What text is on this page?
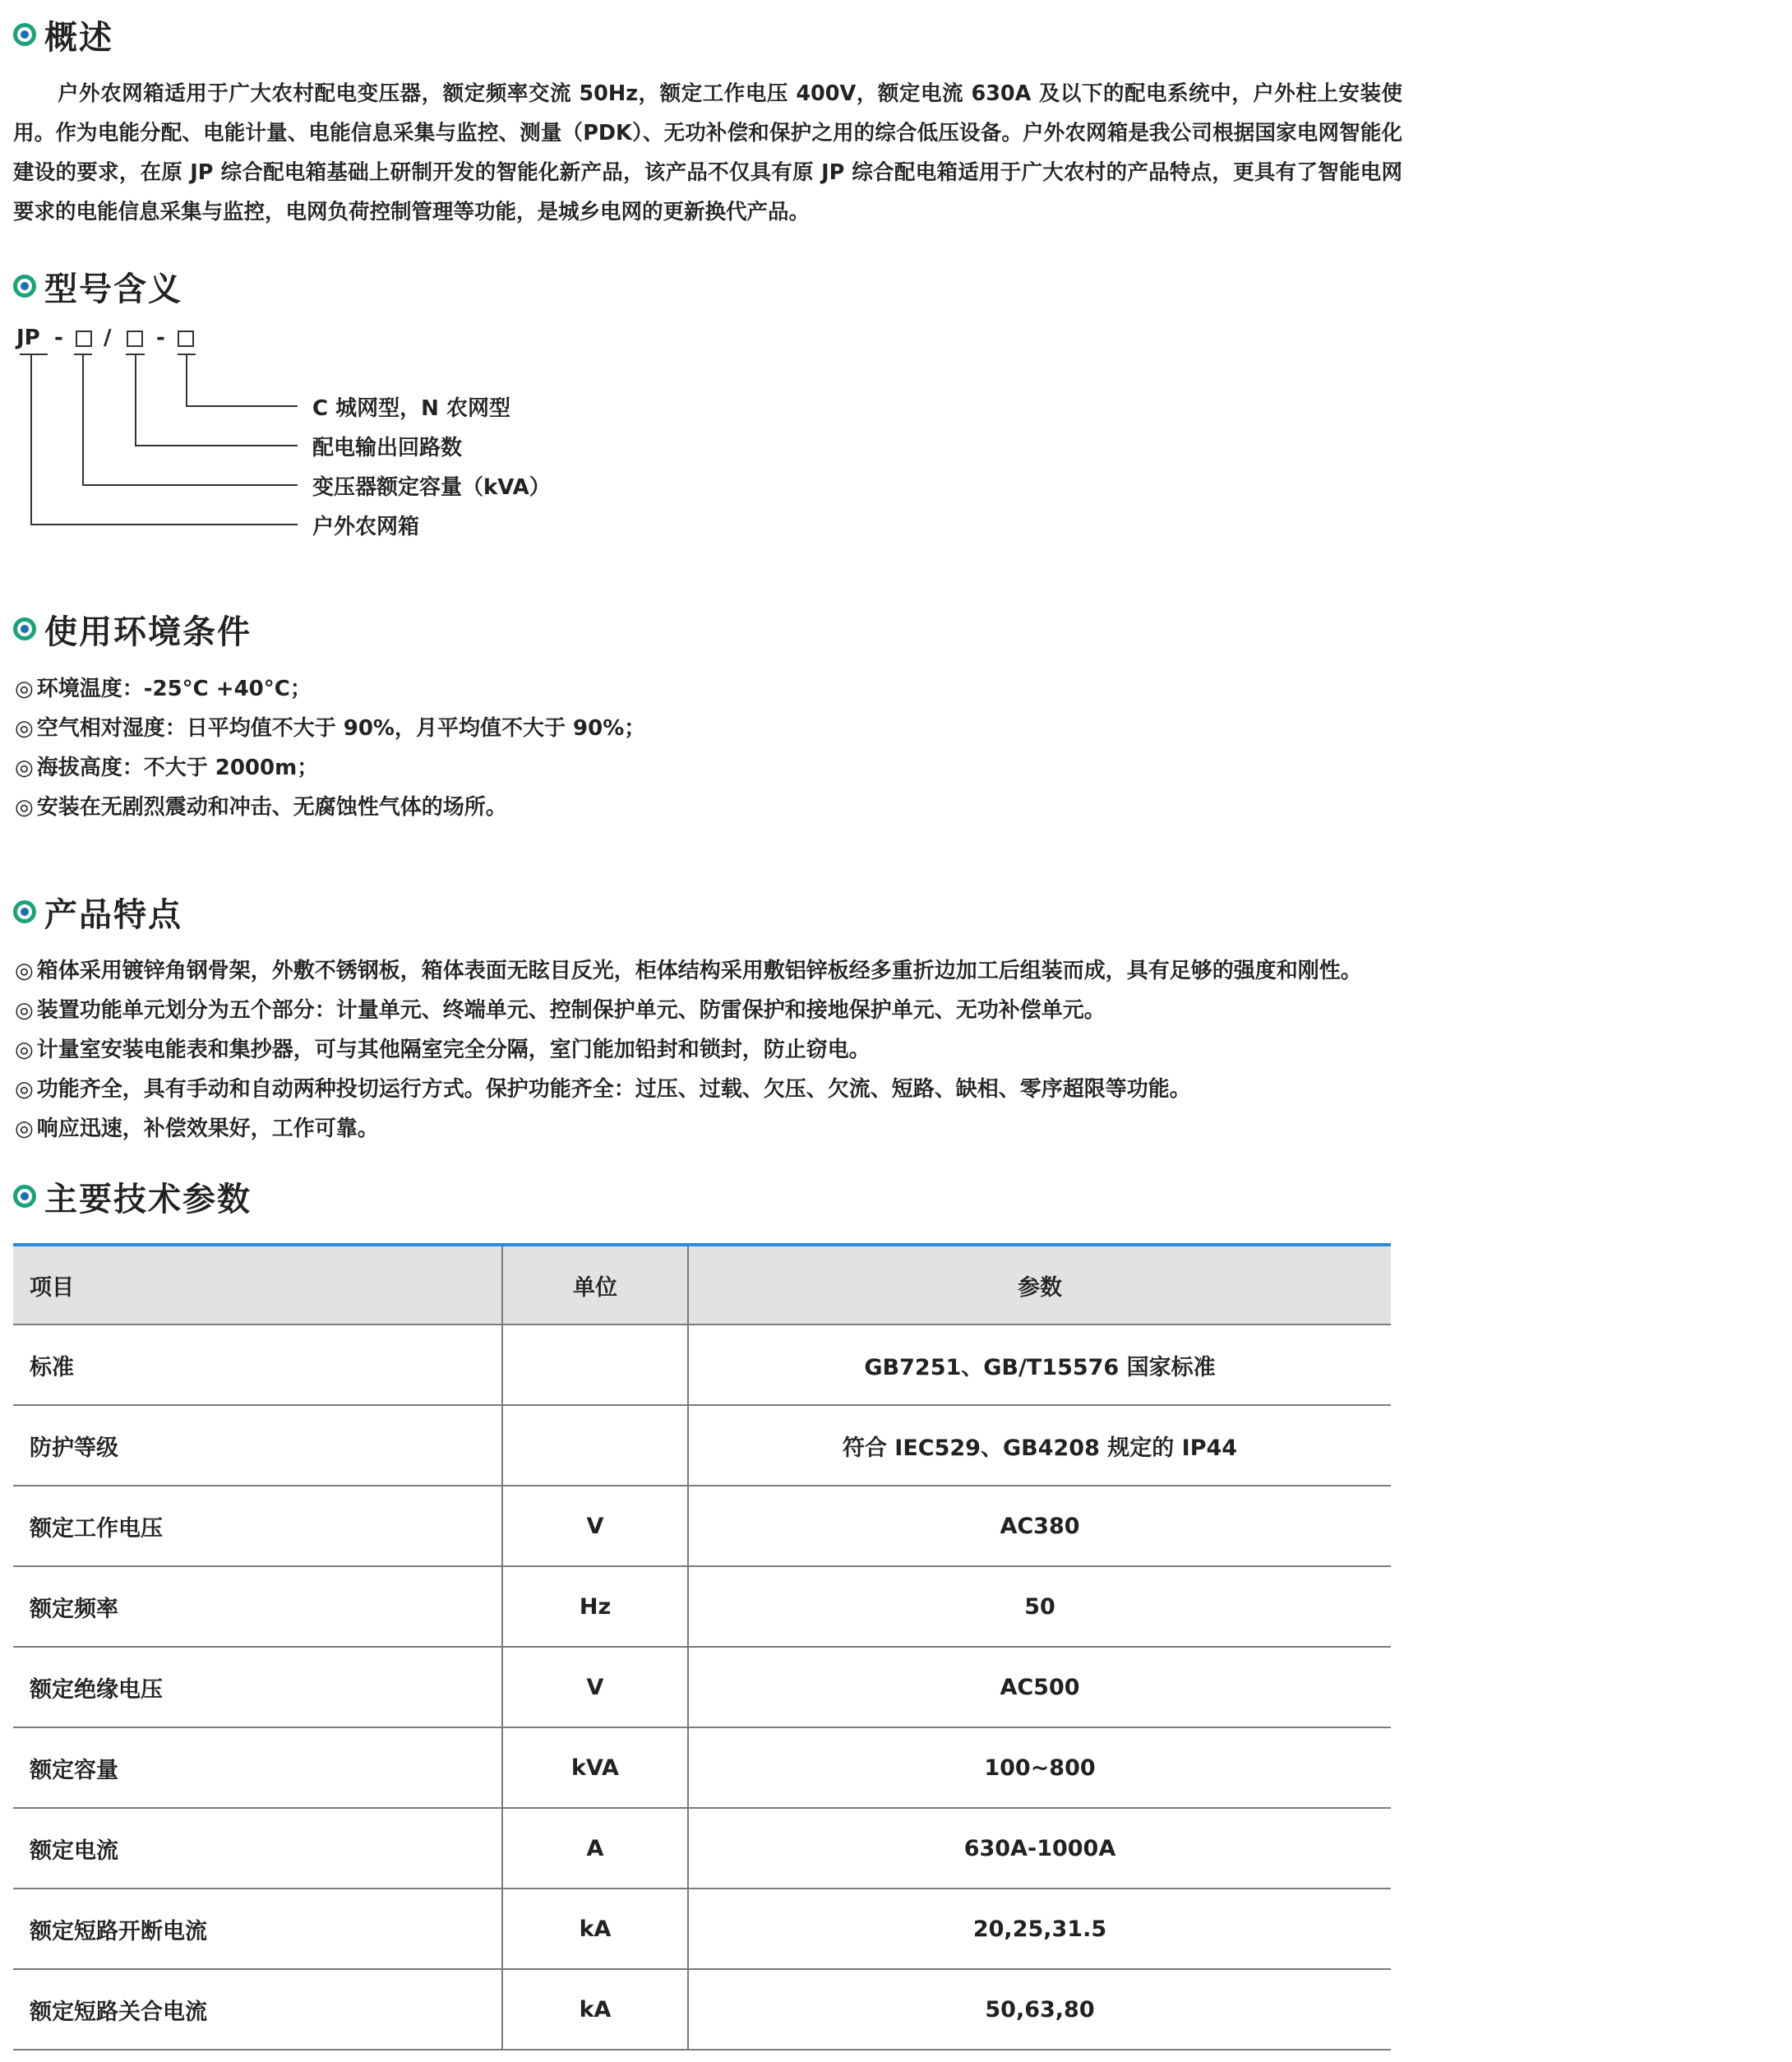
概述

户外农网箱适用于广大农村配电变压器，额定频率交流 50Hz，额定工作电压 400V，额定电流 630A 及以下的配电系统中，户外柱上安装使用。作为电能分配、电能计量、电能信息采集与监控、测量（PDK）、无功补偿和保护之用的综合低压设备。户外农网箱是我公司根据国家电网智能化建设的要求，在原 JP 综合配电箱基础上研制开发的智能化新产品，该产品不仅具有原 JP 综合配电箱适用于广大农村的产品特点，更具有了智能电网要求的电能信息采集与监控，电网负荷控制管理等功能，是城乡电网的更新换代产品。

型号含义
JP - / -
C 城网型，N 农网型
配电输出回路数
变压器额定容量（kVA）
户外农网箱
使用环境条件
◎ 环境温度：-25°C +40°C；
◎ 空气相对湿度：日平均值不大于 90%，月平均值不大于 90%；
◎ 海拔高度：不大于 2000m；
◎ 安装在无剧烈震动和冲击、无腐蚀性气体的场所。
产品特点
◎ 箱体采用镀锌角钢骨架，外敷不锈钢板，箱体表面无眩目反光，柜体结构采用敷铝锌板经多重折边加工后组装而成，具有足够的强度和刚性。
◎ 装置功能单元划分为五个部分：计量单元、终端单元、控制保护单元、防雷保护和接地保护单元、无功补偿单元。
◎ 计量室安装电能表和集抄器，可与其他隔室完全分隔，室门能加铅封和锁封，防止窃电。
◎ 功能齐全，具有手动和自动两种投切运行方式。保护功能齐全：过压、过载、欠压、欠流、短路、缺相、零序超限等功能。
◎ 响应迅速，补偿效果好，工作可靠。
主要技术参数
项目	单位	参数
标准		GB7251、GB/T15576 国家标准
防护等级		符合 IEC529、GB4208 规定的 IP44
额定工作电压	V	AC380
额定频率	Hz	50
额定绝缘电压	V	AC500
额定容量	kVA	100~800
额定电流	A	630A-1000A
额定短路开断电流	kA	20,25,31.5
额定短路关合电流	kA	50,63,80
